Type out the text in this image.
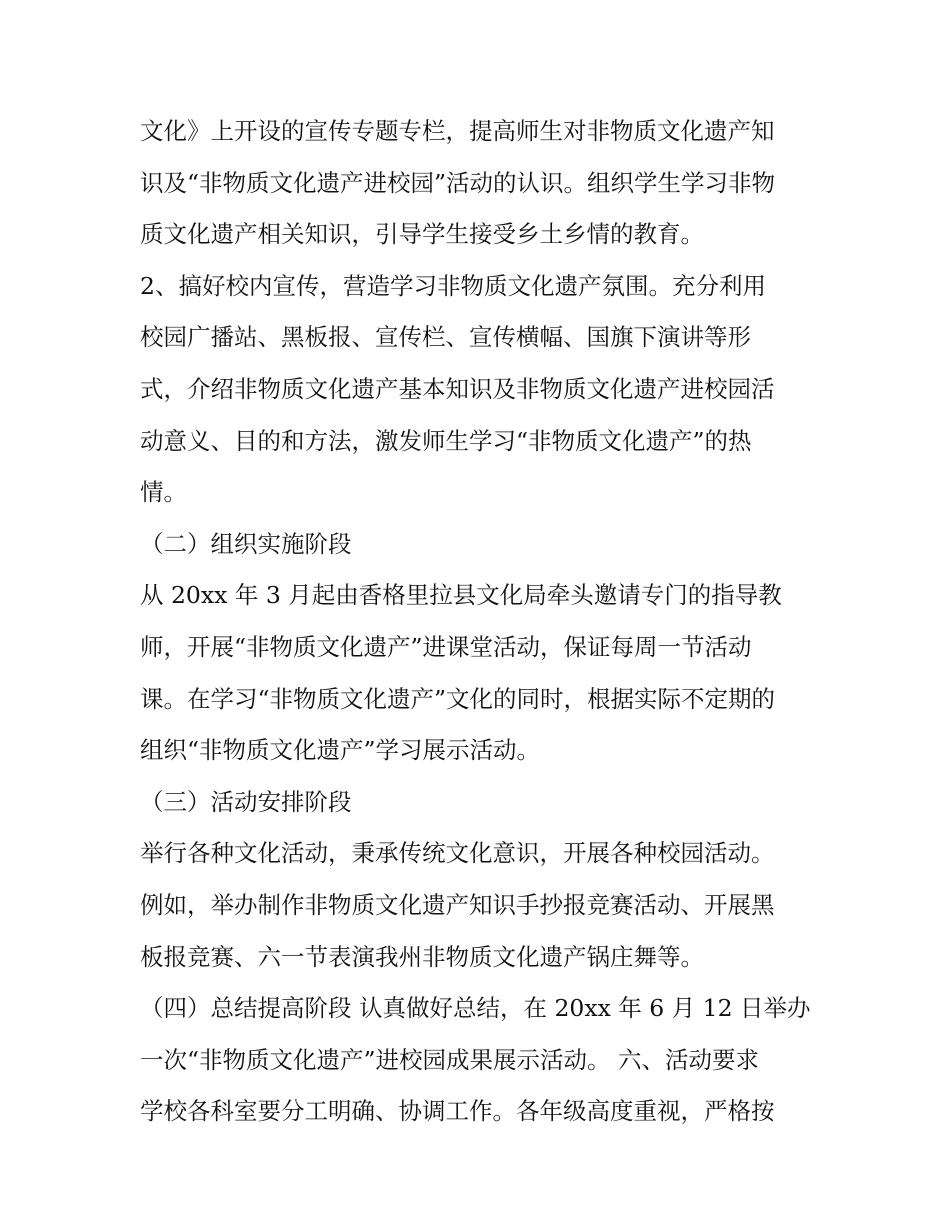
文化》上开设的宣传专题专栏，提高师生对非物质文化遗产知
识及“非物质文化遗产进校园”活动的认识。组织学生学习非物
质文化遗产相关知识，引导学生接受乡土乡情的教育。
2、搞好校内宣传，营造学习非物质文化遗产氛围。充分利用
校园广播站、黑板报、宣传栏、宣传横幅、国旗下演讲等形
式，介绍非物质文化遗产基本知识及非物质文化遗产进校园活
动意义、目的和方法，激发师生学习“非物质文化遗产”的热
情。
（二）组织实施阶段
从 20xx 年 3 月起由香格里拉县文化局牵头邀请专门的指导教
师，开展“非物质文化遗产”进课堂活动，保证每周一节活动
课。在学习“非物质文化遗产”文化的同时，根据实际不定期的
组织“非物质文化遗产”学习展示活动。
（三）活动安排阶段
举行各种文化活动，秉承传统文化意识，开展各种校园活动。
例如，举办制作非物质文化遗产知识手抄报竞赛活动、开展黑
板报竞赛、六一节表演我州非物质文化遗产锅庄舞等。
（四）总结提高阶段 认真做好总结，在 20xx 年 6 月 12 日举办
一次“非物质文化遗产”进校园成果展示活动。 六、活动要求
学校各科室要分工明确、协调工作。各年级高度重视，严格按
